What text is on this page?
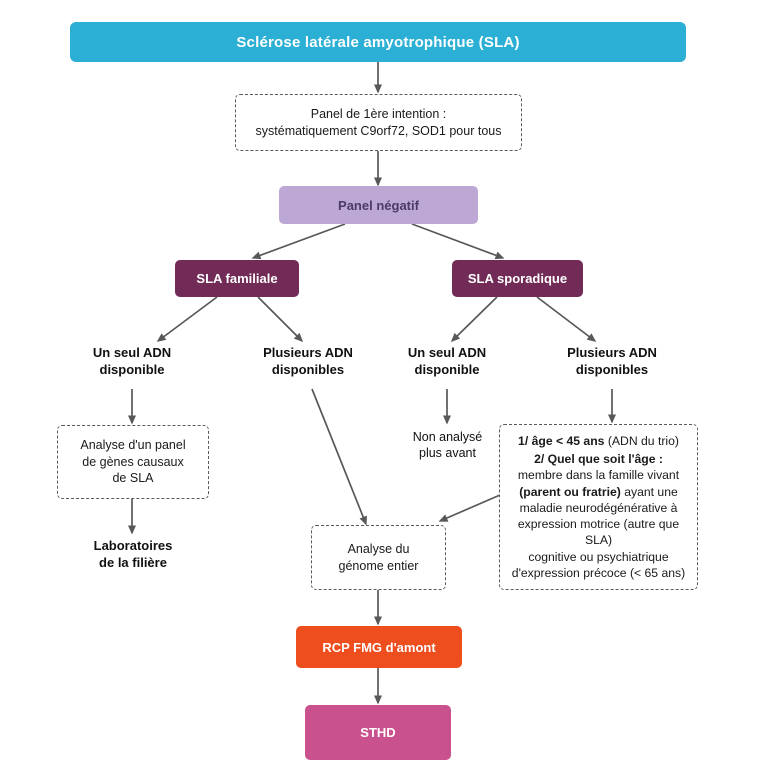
Sclérose latérale amyotrophique (SLA)
Panel de 1ère intention :
systématiquement C9orf72, SOD1 pour tous
Panel négatif
SLA familiale	SLA sporadique
Un seul ADN
disponible
Plusieurs ADN
disponibles
Un seul ADN
disponible
Plusieurs ADN
disponibles
Analyse d'un panel
de gènes causaux
de SLA
Laboratoires
de la filière
Non analysé
plus avant
1/ âge < 45 ans (ADN du trio)
2/ Quel que soit l'âge :
membre dans la famille vivant
(parent ou fratrie) ayant une
maladie neurodégénérative à
expression motrice (autre que SLA)
cognitive ou psychiatrique
d'expression précoce (< 65 ans)
Analyse du
génome entier
RCP FMG d'amont
STHD
